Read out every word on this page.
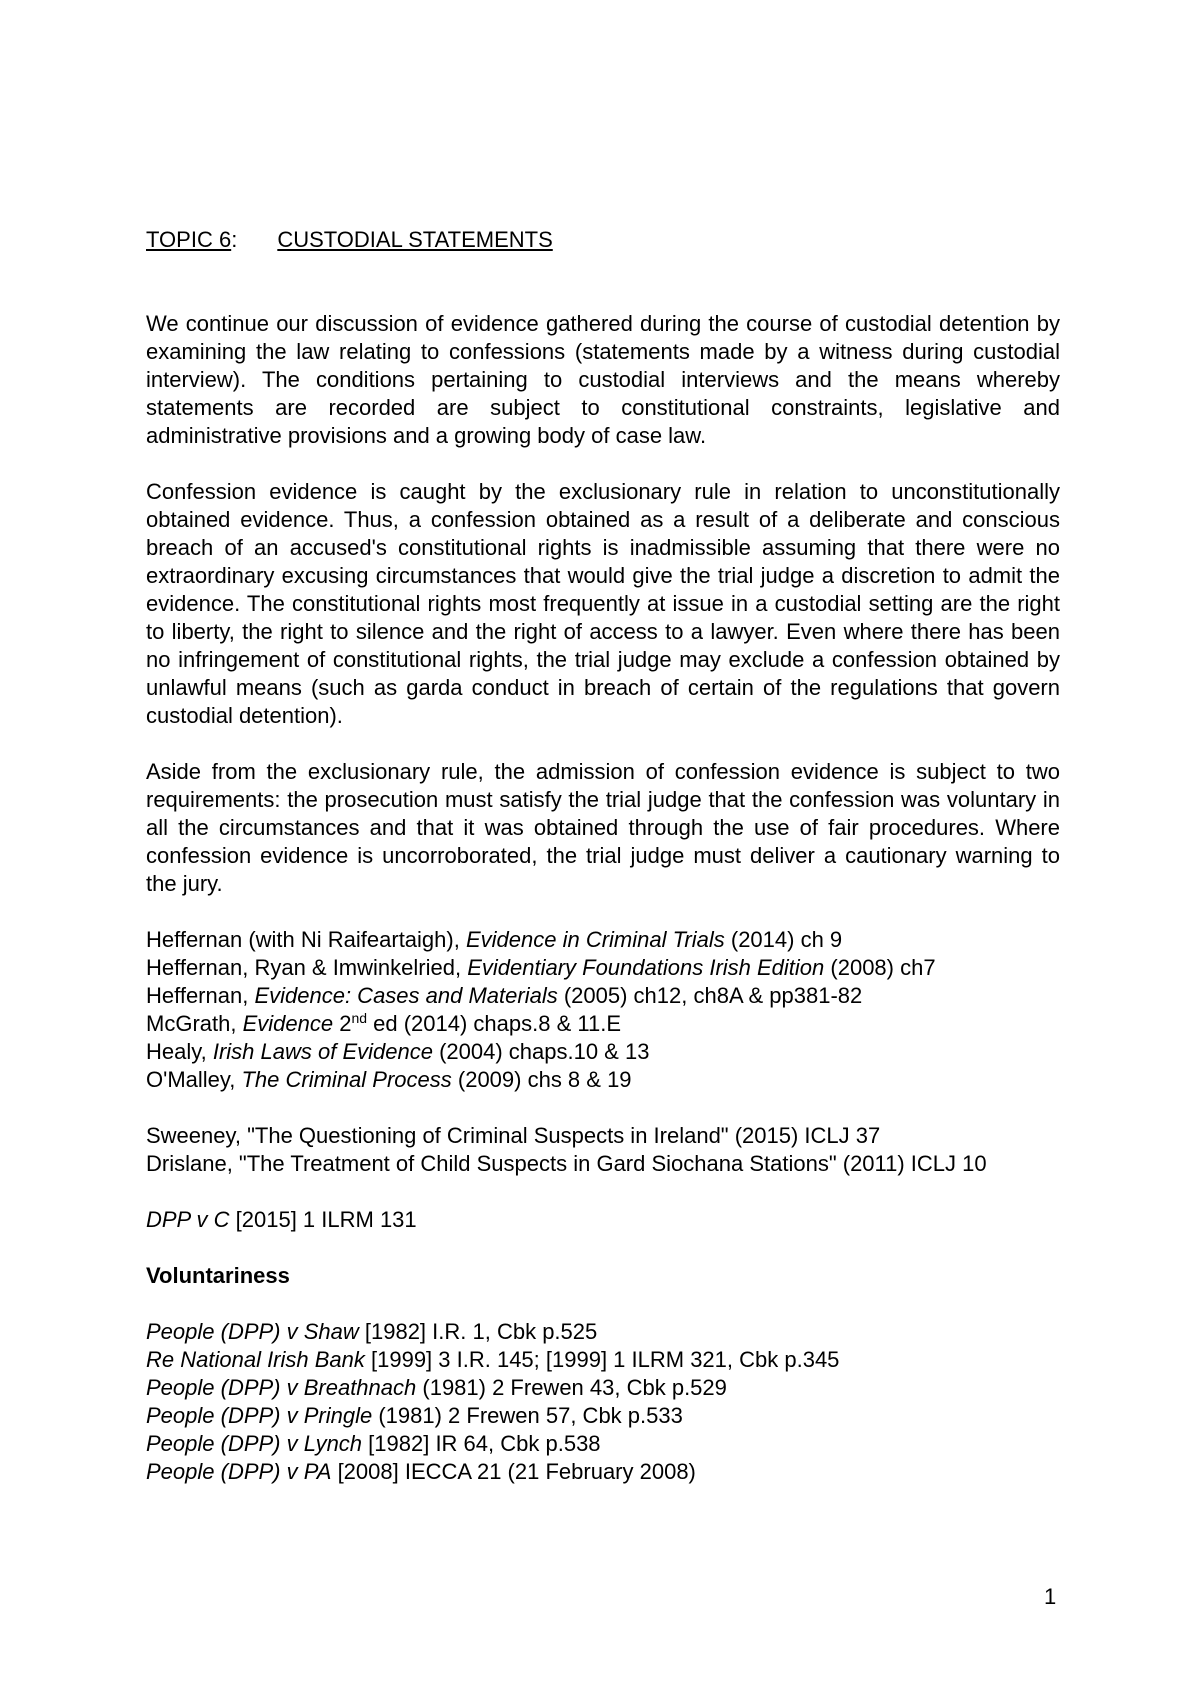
TOPIC 6: CUSTODIAL STATEMENTS

We continue our discussion of evidence gathered during the course of custodial detention by examining the law relating to confessions (statements made by a witness during custodial interview). The conditions pertaining to custodial interviews and the means whereby statements are recorded are subject to constitutional constraints, legislative and administrative provisions and a growing body of case law.

Confession evidence is caught by the exclusionary rule in relation to unconstitutionally obtained evidence. Thus, a confession obtained as a result of a deliberate and conscious breach of an accused's constitutional rights is inadmissible assuming that there were no extraordinary excusing circumstances that would give the trial judge a discretion to admit the evidence. The constitutional rights most frequently at issue in a custodial setting are the right to liberty, the right to silence and the right of access to a lawyer. Even where there has been no infringement of constitutional rights, the trial judge may exclude a confession obtained by unlawful means (such as garda conduct in breach of certain of the regulations that govern custodial detention).

Aside from the exclusionary rule, the admission of confession evidence is subject to two requirements: the prosecution must satisfy the trial judge that the confession was voluntary in all the circumstances and that it was obtained through the use of fair procedures. Where confession evidence is uncorroborated, the trial judge must deliver a cautionary warning to the jury.

Heffernan (with Ni Raifeartaigh), Evidence in Criminal Trials (2014) ch 9
Heffernan, Ryan & Imwinkelried, Evidentiary Foundations Irish Edition (2008) ch7
Heffernan, Evidence: Cases and Materials (2005) ch12, ch8A & pp381-82
McGrath, Evidence 2nd ed (2014) chaps.8 & 11.E
Healy, Irish Laws of Evidence (2004) chaps.10 & 13
O'Malley, The Criminal Process (2009) chs 8 & 19
Sweeney, "The Questioning of Criminal Suspects in Ireland" (2015) ICLJ 37
Drislane, "The Treatment of Child Suspects in Gard Siochana Stations" (2011) ICLJ 10
DPP v C [2015] 1 ILRM 131
Voluntariness
People (DPP) v Shaw [1982] I.R. 1, Cbk p.525
Re National Irish Bank [1999] 3 I.R. 145; [1999] 1 ILRM 321, Cbk p.345
People (DPP) v Breathnach (1981) 2 Frewen 43, Cbk p.529
People (DPP) v Pringle (1981) 2 Frewen 57, Cbk p.533
People (DPP) v Lynch [1982] IR 64, Cbk p.538
People (DPP) v PA [2008] IECCA 21 (21 February 2008)
1
